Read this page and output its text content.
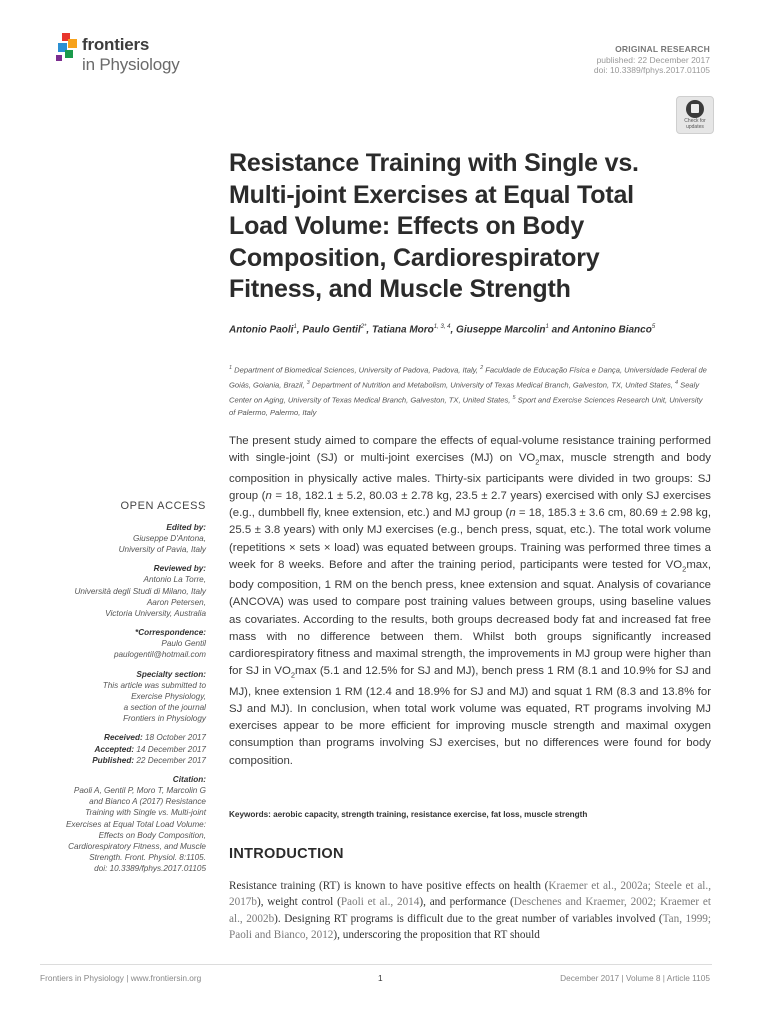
frontiers
in Physiology
ORIGINAL RESEARCH
published: 22 December 2017
doi: 10.3389/fphys.2017.01105
Check for
updates
Resistance Training with Single vs. Multi-joint Exercises at Equal Total Load Volume: Effects on Body Composition, Cardiorespiratory Fitness, and Muscle Strength
Antonio Paoli$^1$, Paulo Gentil$^{2*}$, Tatiana Moro$^{1, 3, 4}$, Giuseppe Marcolin$^1$ and Antonino Bianco$^5$
$^1$ Department of Biomedical Sciences, University of Padova, Padova, Italy, $^2$ Faculdade de Educação Física e Dança, Universidade Federal de Goiás, Goiania, Brazil, $^3$ Department of Nutrition and Metabolism, University of Texas Medical Branch, Galveston, TX, United States, $^4$ Sealy Center on Aging, University of Texas Medical Branch, Galveston, TX, United States, $^5$ Sport and Exercise Sciences Research Unit, University of Palermo, Palermo, Italy
OPEN ACCESS
Edited by:
Giuseppe D'Antona,
University of Pavia, Italy
Reviewed by:
Antonio La Torre,
Università degli Studi di Milano, Italy
Aaron Petersen,
Victoria University, Australia
*Correspondence:
Paulo Gentil
paulogentil@hotmail.com
Specialty section:
This article was submitted to
Exercise Physiology,
a section of the journal
Frontiers in Physiology
Received: 18 October 2017
Accepted: 14 December 2017
Published: 22 December 2017
Citation:
Paoli A, Gentil P, Moro T, Marcolin G
and Bianco A (2017) Resistance
Training with Single vs. Multi-joint
Exercises at Equal Total Load Volume:
Effects on Body Composition,
Cardiorespiratory Fitness, and Muscle
Strength. Front. Physiol. 8:1105.
doi: 10.3389/fphys.2017.01105
The present study aimed to compare the effects of equal-volume resistance training performed with single-joint (SJ) or multi-joint exercises (MJ) on $VO_2\max$, muscle strength and body composition in physically active males. Thirty-six participants were divided in two groups: SJ group (n = 18, 182.1 ± 5.2, 80.03 ± 2.78 kg, 23.5 ± 2.7 years) exercised with only SJ exercises (e.g., dumbbell fly, knee extension, etc.) and MJ group (n = 18, 185.3 ± 3.6 cm, 80.69 ± 2.98 kg, 25.5 ± 3.8 years) with only MJ exercises (e.g., bench press, squat, etc.). The total work volume (repetitions × sets × load) was equated between groups. Training was performed three times a week for 8 weeks. Before and after the training period, participants were tested for $VO_2\max$, body composition, 1 RM on the bench press, knee extension and squat. Analysis of covariance (ANCOVA) was used to compare post training values between groups, using baseline values as covariates. According to the results, both groups decreased body fat and increased fat free mass with no difference between them. Whilst both groups significantly increased cardiorespiratory fitness and maximal strength, the improvements in MJ group were higher than for SJ in $VO_2\max$ (5.1 and 12.5% for SJ and MJ), bench press 1 RM (8.1 and 10.9% for SJ and MJ), knee extension 1 RM (12.4 and 18.9% for SJ and MJ) and squat 1 RM (8.3 and 13.8% for SJ and MJ). In conclusion, when total work volume was equated, RT programs involving MJ exercises appear to be more efficient for improving muscle strength and maximal oxygen consumption than programs involving SJ exercises, but no differences were found for body composition.
Keywords: aerobic capacity, strength training, resistance exercise, fat loss, muscle strength
INTRODUCTION
Resistance training (RT) is known to have positive effects on health (Kraemer et al., 2002a; Steele et al., 2017b), weight control (Paoli et al., 2014), and performance (Deschenes and Kraemer, 2002; Kraemer et al., 2002b). Designing RT programs is difficult due to the great number of variables involved (Tan, 1999; Paoli and Bianco, 2012), underscoring the proposition that RT should
Frontiers in Physiology | www.frontiersin.org	1	December 2017 | Volume 8 | Article 1105
